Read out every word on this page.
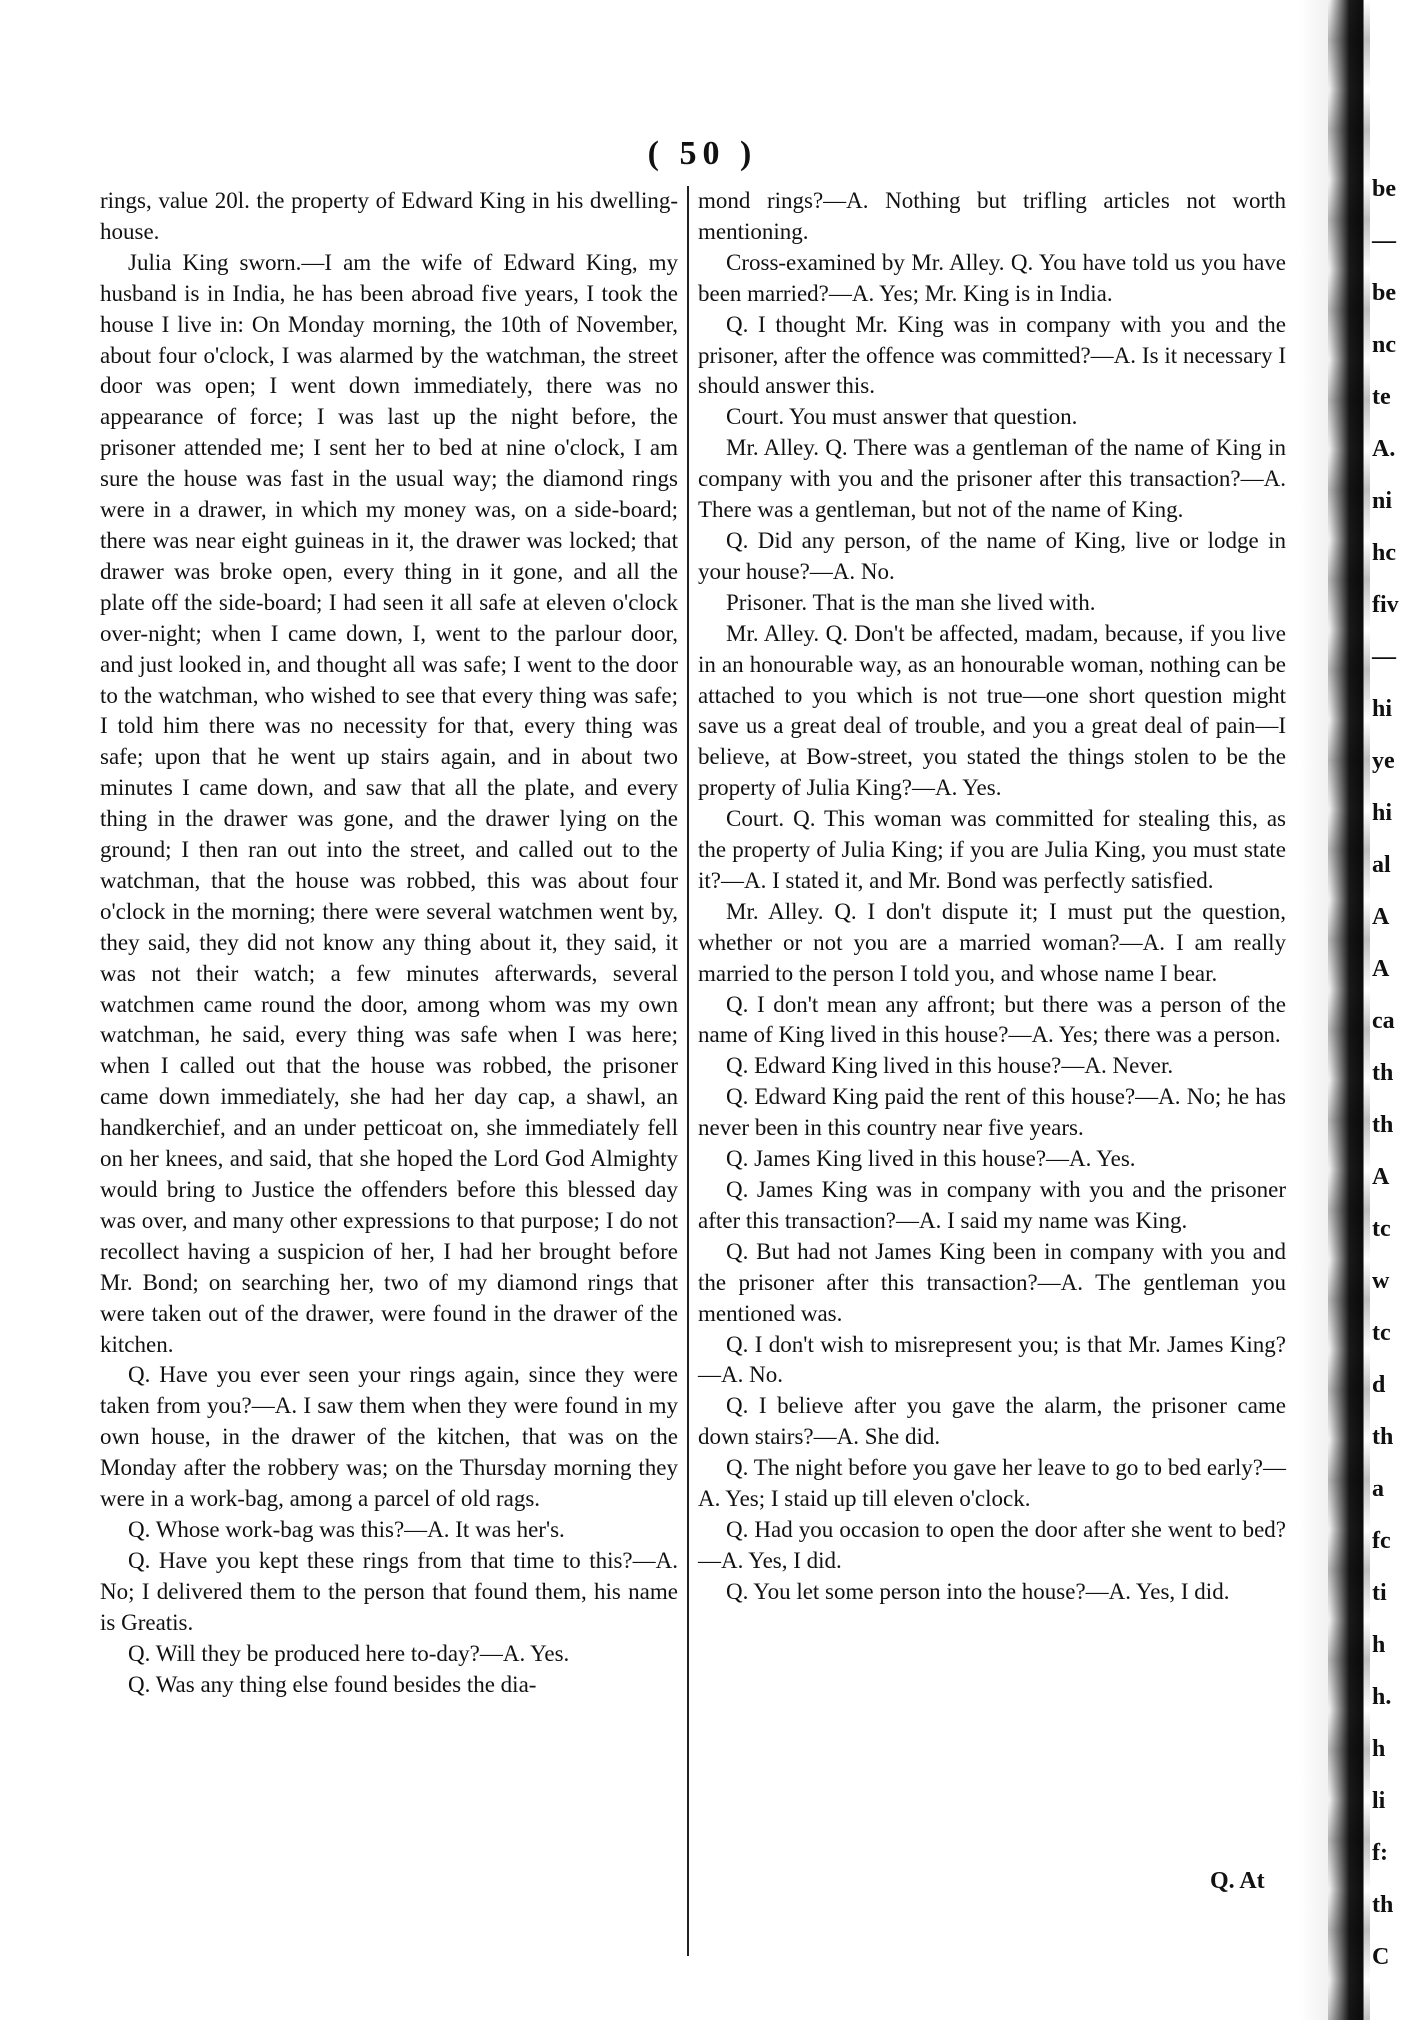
( 50 )

rings, value 20l. the property of Edward King in his dwelling-house.

Julia King sworn.—I am the wife of Edward King, my husband is in India, he has been abroad five years, I took the house I live in: On Monday morning, the 10th of November, about four o'clock, I was alarmed by the watchman, the street door was open; I went down immediately, there was no appearance of force; I was last up the night before, the prisoner attended me; I sent her to bed at nine o'clock, I am sure the house was fast in the usual way; the diamond rings were in a drawer, in which my money was, on a side-board; there was near eight guineas in it, the drawer was locked; that drawer was broke open, every thing in it gone, and all the plate off the side-board; I had seen it all safe at eleven o'clock over-night; when I came down, I, went to the parlour door, and just looked in, and thought all was safe; I went to the door to the watchman, who wished to see that every thing was safe; I told him there was no necessity for that, every thing was safe; upon that he went up stairs again, and in about two minutes I came down, and saw that all the plate, and every thing in the drawer was gone, and the drawer lying on the ground; I then ran out into the street, and called out to the watchman, that the house was robbed, this was about four o'clock in the morning; there were several watchmen went by, they said, they did not know any thing about it, they said, it was not their watch; a few minutes afterwards, several watchmen came round the door, among whom was my own watchman, he said, every thing was safe when I was here; when I called out that the house was robbed, the prisoner came down immediately, she had her day cap, a shawl, an handkerchief, and an under petticoat on, she immediately fell on her knees, and said, that she hoped the Lord God Almighty would bring to Justice the offenders before this blessed day was over, and many other expressions to that purpose; I do not recollect having a suspicion of her, I had her brought before Mr. Bond; on searching her, two of my diamond rings that were taken out of the drawer, were found in the drawer of the kitchen.

Q. Have you ever seen your rings again, since they were taken from you?—A. I saw them when they were found in my own house, in the drawer of the kitchen, that was on the Monday after the robbery was; on the Thursday morning they were in a work-bag, among a parcel of old rags.

Q. Whose work-bag was this?—A. It was her's.

Q. Have you kept these rings from that time to this?—A. No; I delivered them to the person that found them, his name is Greatis.

Q. Will they be produced here to-day?—A. Yes.

Q. Was any thing else found besides the dia-

mond rings?—A. Nothing but trifling articles not worth mentioning.

Cross-examined by Mr. Alley. Q. You have told us you have been married?—A. Yes; Mr. King is in India.

Q. I thought Mr. King was in company with you and the prisoner, after the offence was committed?—A. Is it necessary I should answer this.

Court. You must answer that question.

Mr. Alley. Q. There was a gentleman of the name of King in company with you and the prisoner after this transaction?—A. There was a gentleman, but not of the name of King.

Q. Did any person, of the name of King, live or lodge in your house?—A. No.

Prisoner. That is the man she lived with.

Mr. Alley. Q. Don't be affected, madam, because, if you live in an honourable way, as an honourable woman, nothing can be attached to you which is not true—one short question might save us a great deal of trouble, and you a great deal of pain—I believe, at Bow-street, you stated the things stolen to be the property of Julia King?—A. Yes.

Court. Q. This woman was committed for stealing this, as the property of Julia King; if you are Julia King, you must state it?—A. I stated it, and Mr. Bond was perfectly satisfied.

Mr. Alley. Q. I don't dispute it; I must put the question, whether or not you are a married woman?—A. I am really married to the person I told you, and whose name I bear.

Q. I don't mean any affront; but there was a person of the name of King lived in this house?—A. Yes; there was a person.

Q. Edward King lived in this house?—A. Never.

Q. Edward King paid the rent of this house?—A. No; he has never been in this country near five years.

Q. James King lived in this house?—A. Yes.

Q. James King was in company with you and the prisoner after this transaction?—A. I said my name was King.

Q. But had not James King been in company with you and the prisoner after this transaction?—A. The gentleman you mentioned was.

Q. I don't wish to misrepresent you; is that Mr. James King?—A. No.

Q. I believe after you gave the alarm, the prisoner came down stairs?—A. She did.

Q. The night before you gave her leave to go to bed early?—A. Yes; I staid up till eleven o'clock.

Q. Had you occasion to open the door after she went to bed?—A. Yes, I did.

Q. You let some person into the house?—A. Yes, I did.

Q. At
be
—
be
nc
te
A.
ni
hc
fiv
—
hi
ye
hi
al
A
A
ca
th
th
A
tc
w
tc
d
th
a
fc
ti
h
h.
h
li
f:
th
C
